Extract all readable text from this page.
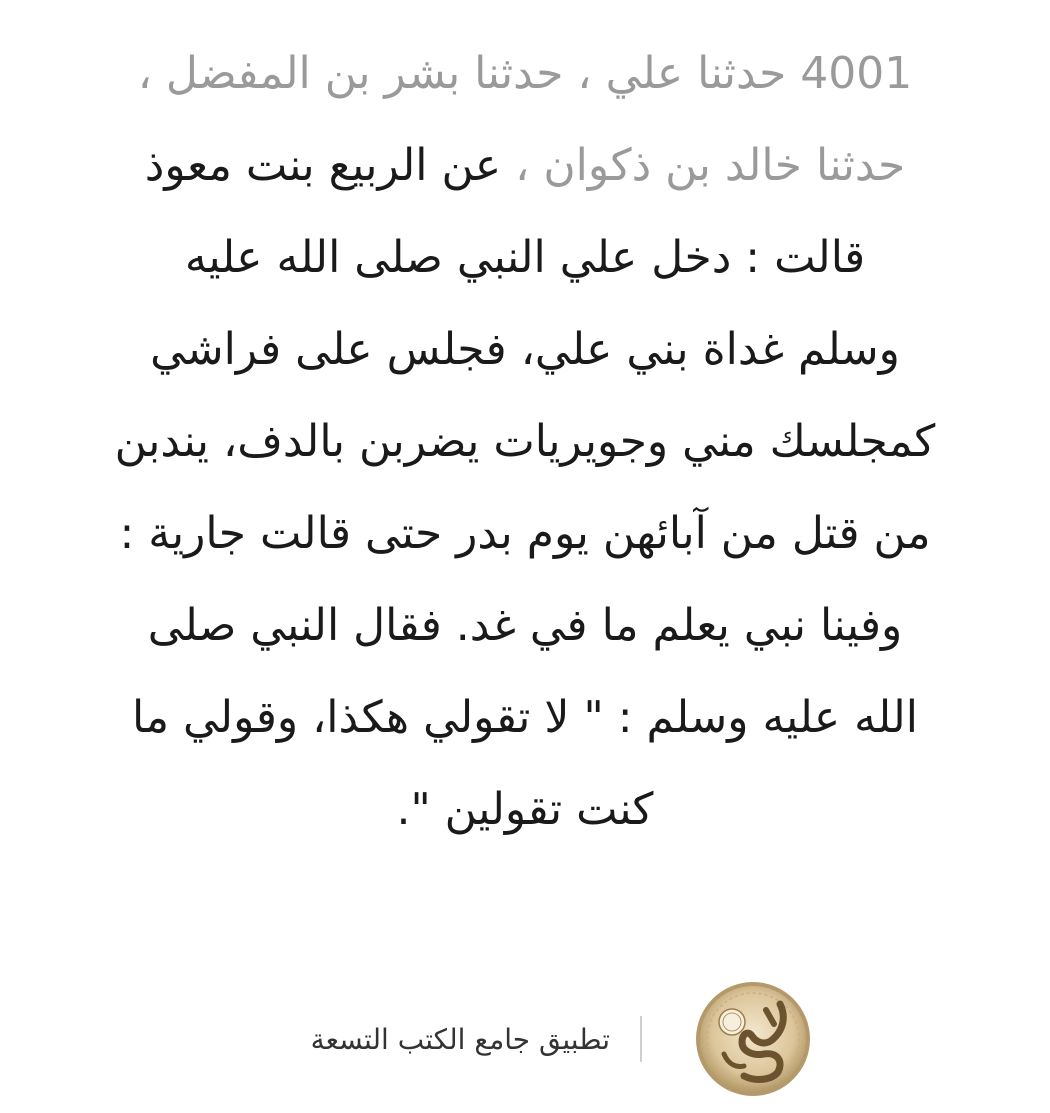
4001 حدثنا علي ، حدثنا بشر بن المفضل ،
حدثنا خالد بن ذكوان ، عن الربيع بنت معوذ
قالت : دخل علي النبي صلى الله عليه
وسلم غداة بني علي، فجلس على فراشي
كمجلسك مني وجويريات يضربن بالدف، يندبن
من قتل من آبائهن يوم بدر حتى قالت جارية :
وفينا نبي يعلم ما في غد. فقال النبي صلى
الله عليه وسلم : " لا تقولي هكذا، وقولي ما
كنت تقولين ".
تطبيق جامع الكتب التسعة
